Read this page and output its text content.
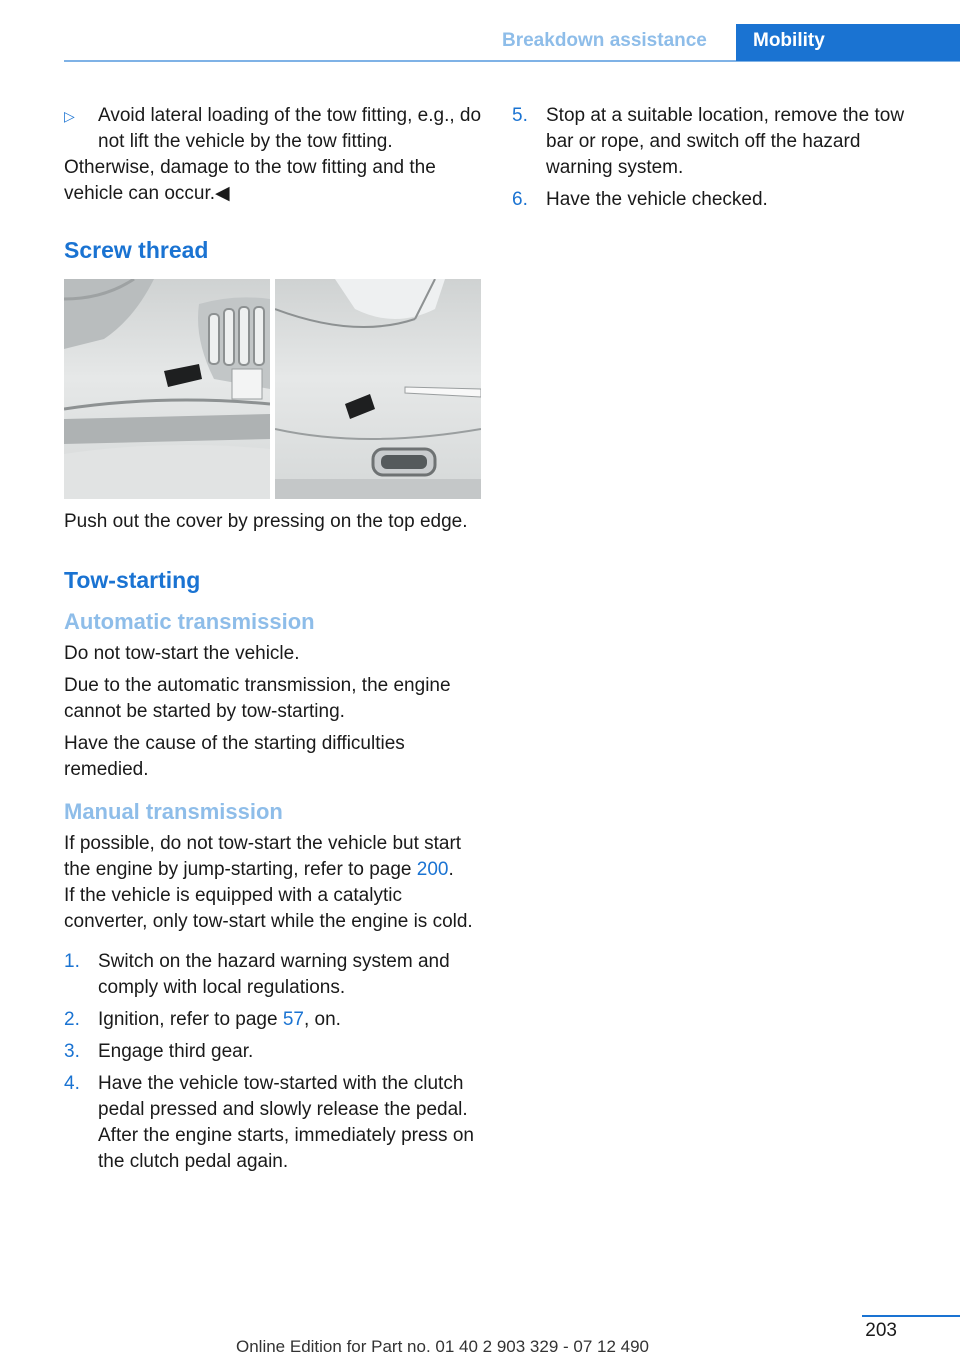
Breakdown assistance	Mobility
▷	Avoid lateral loading of the tow fitting, e.g., do not lift the vehicle by the tow fitting.

Otherwise, damage to the tow fitting and the vehicle can occur.◀

Screw thread

Push out the cover by pressing on the top edge.

Tow-starting
Automatic transmission

Do not tow-start the vehicle.

Due to the automatic transmission, the engine cannot be started by tow-starting.

Have the cause of the starting difficulties remedied.

Manual transmission

If possible, do not tow-start the vehicle but start the engine by jump-starting, refer to page 200.

If the vehicle is equipped with a catalytic converter, only tow-start while the engine is cold.

1. Switch on the hazard warning system and comply with local regulations.
2. Ignition, refer to page 57, on.
3. Engage third gear.
4. Have the vehicle tow-started with the clutch pedal pressed and slowly release the pedal. After the engine starts, immediately press on the clutch pedal again.
5. Stop at a suitable location, remove the tow bar or rope, and switch off the hazard warning system.
6. Have the vehicle checked.
203
Online Edition for Part no. 01 40 2 903 329 - 07 12 490
